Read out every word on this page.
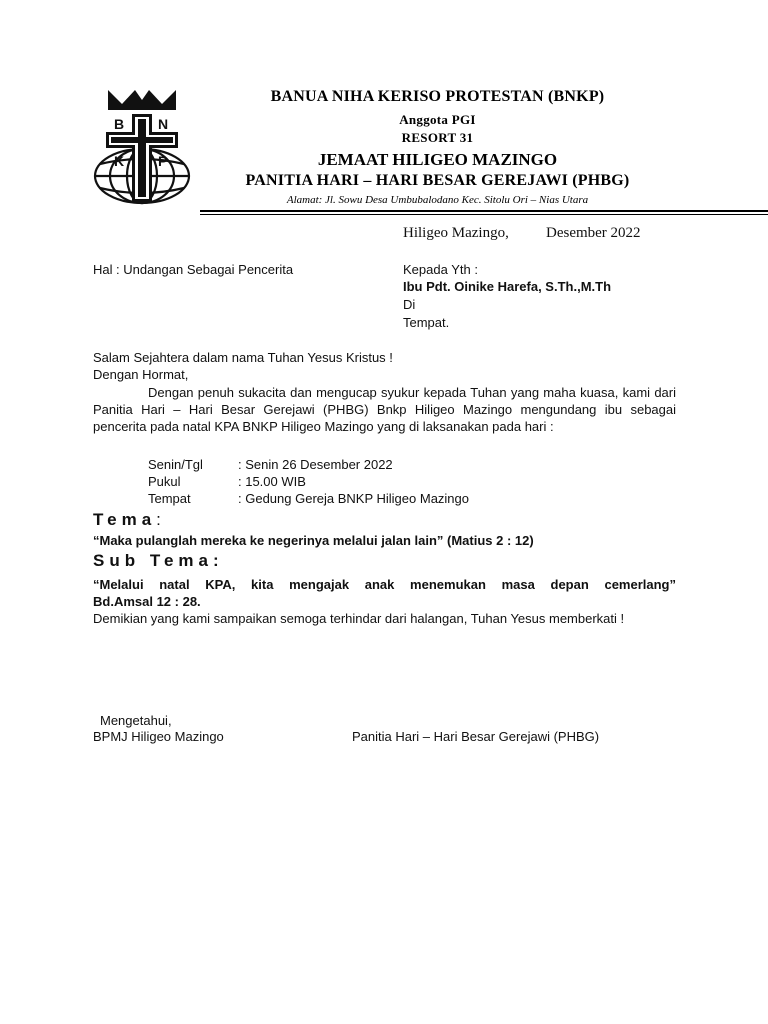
B N
K P
BANUA NIHA KERISO PROTESTAN (BNKP)
Anggota PGI
RESORT 31
JEMAAT HILIGEO MAZINGO
PANITIA HARI – HARI BESAR GEREJAWI (PHBG)
Alamat: Jl. Sowu Desa Umbubalodano Kec. Sitolu Ori – Nias Utara
Hiligeo Mazingo, Desember 2022
Hal : Undangan Sebagai Pencerita	Kepada Yth :
Ibu Pdt. Oinike Harefa, S.Th.,M.Th
Di
Tempat.
Salam Sejahtera dalam nama Tuhan Yesus Kristus !
Dengan Hormat,
Dengan penuh sukacita dan mengucap syukur kepada Tuhan yang maha kuasa, kami dari Panitia Hari – Hari Besar Gerejawi (PHBG) Bnkp Hiligeo Mazingo mengundang ibu sebagai pencerita pada natal KPA BNKP Hiligeo Mazingo yang di laksanakan pada hari :
Senin/Tgl	: Senin 26 Desember 2022
Pukul	: 15.00 WIB
Tempat	: Gedung Gereja BNKP Hiligeo Mazingo
Tema:
“Maka pulanglah mereka ke negerinya melalui jalan lain” (Matius 2 : 12)
Sub Tema:
“Melalui natal KPA, kita mengajak anak menemukan masa depan cemerlang”
Bd.Amsal 12 : 28.
Demikian yang kami sampaikan semoga terhindar dari halangan, Tuhan Yesus memberkati !
Mengetahui,
BPMJ Hiligeo Mazingo	Panitia Hari – Hari Besar Gerejawi (PHBG)
